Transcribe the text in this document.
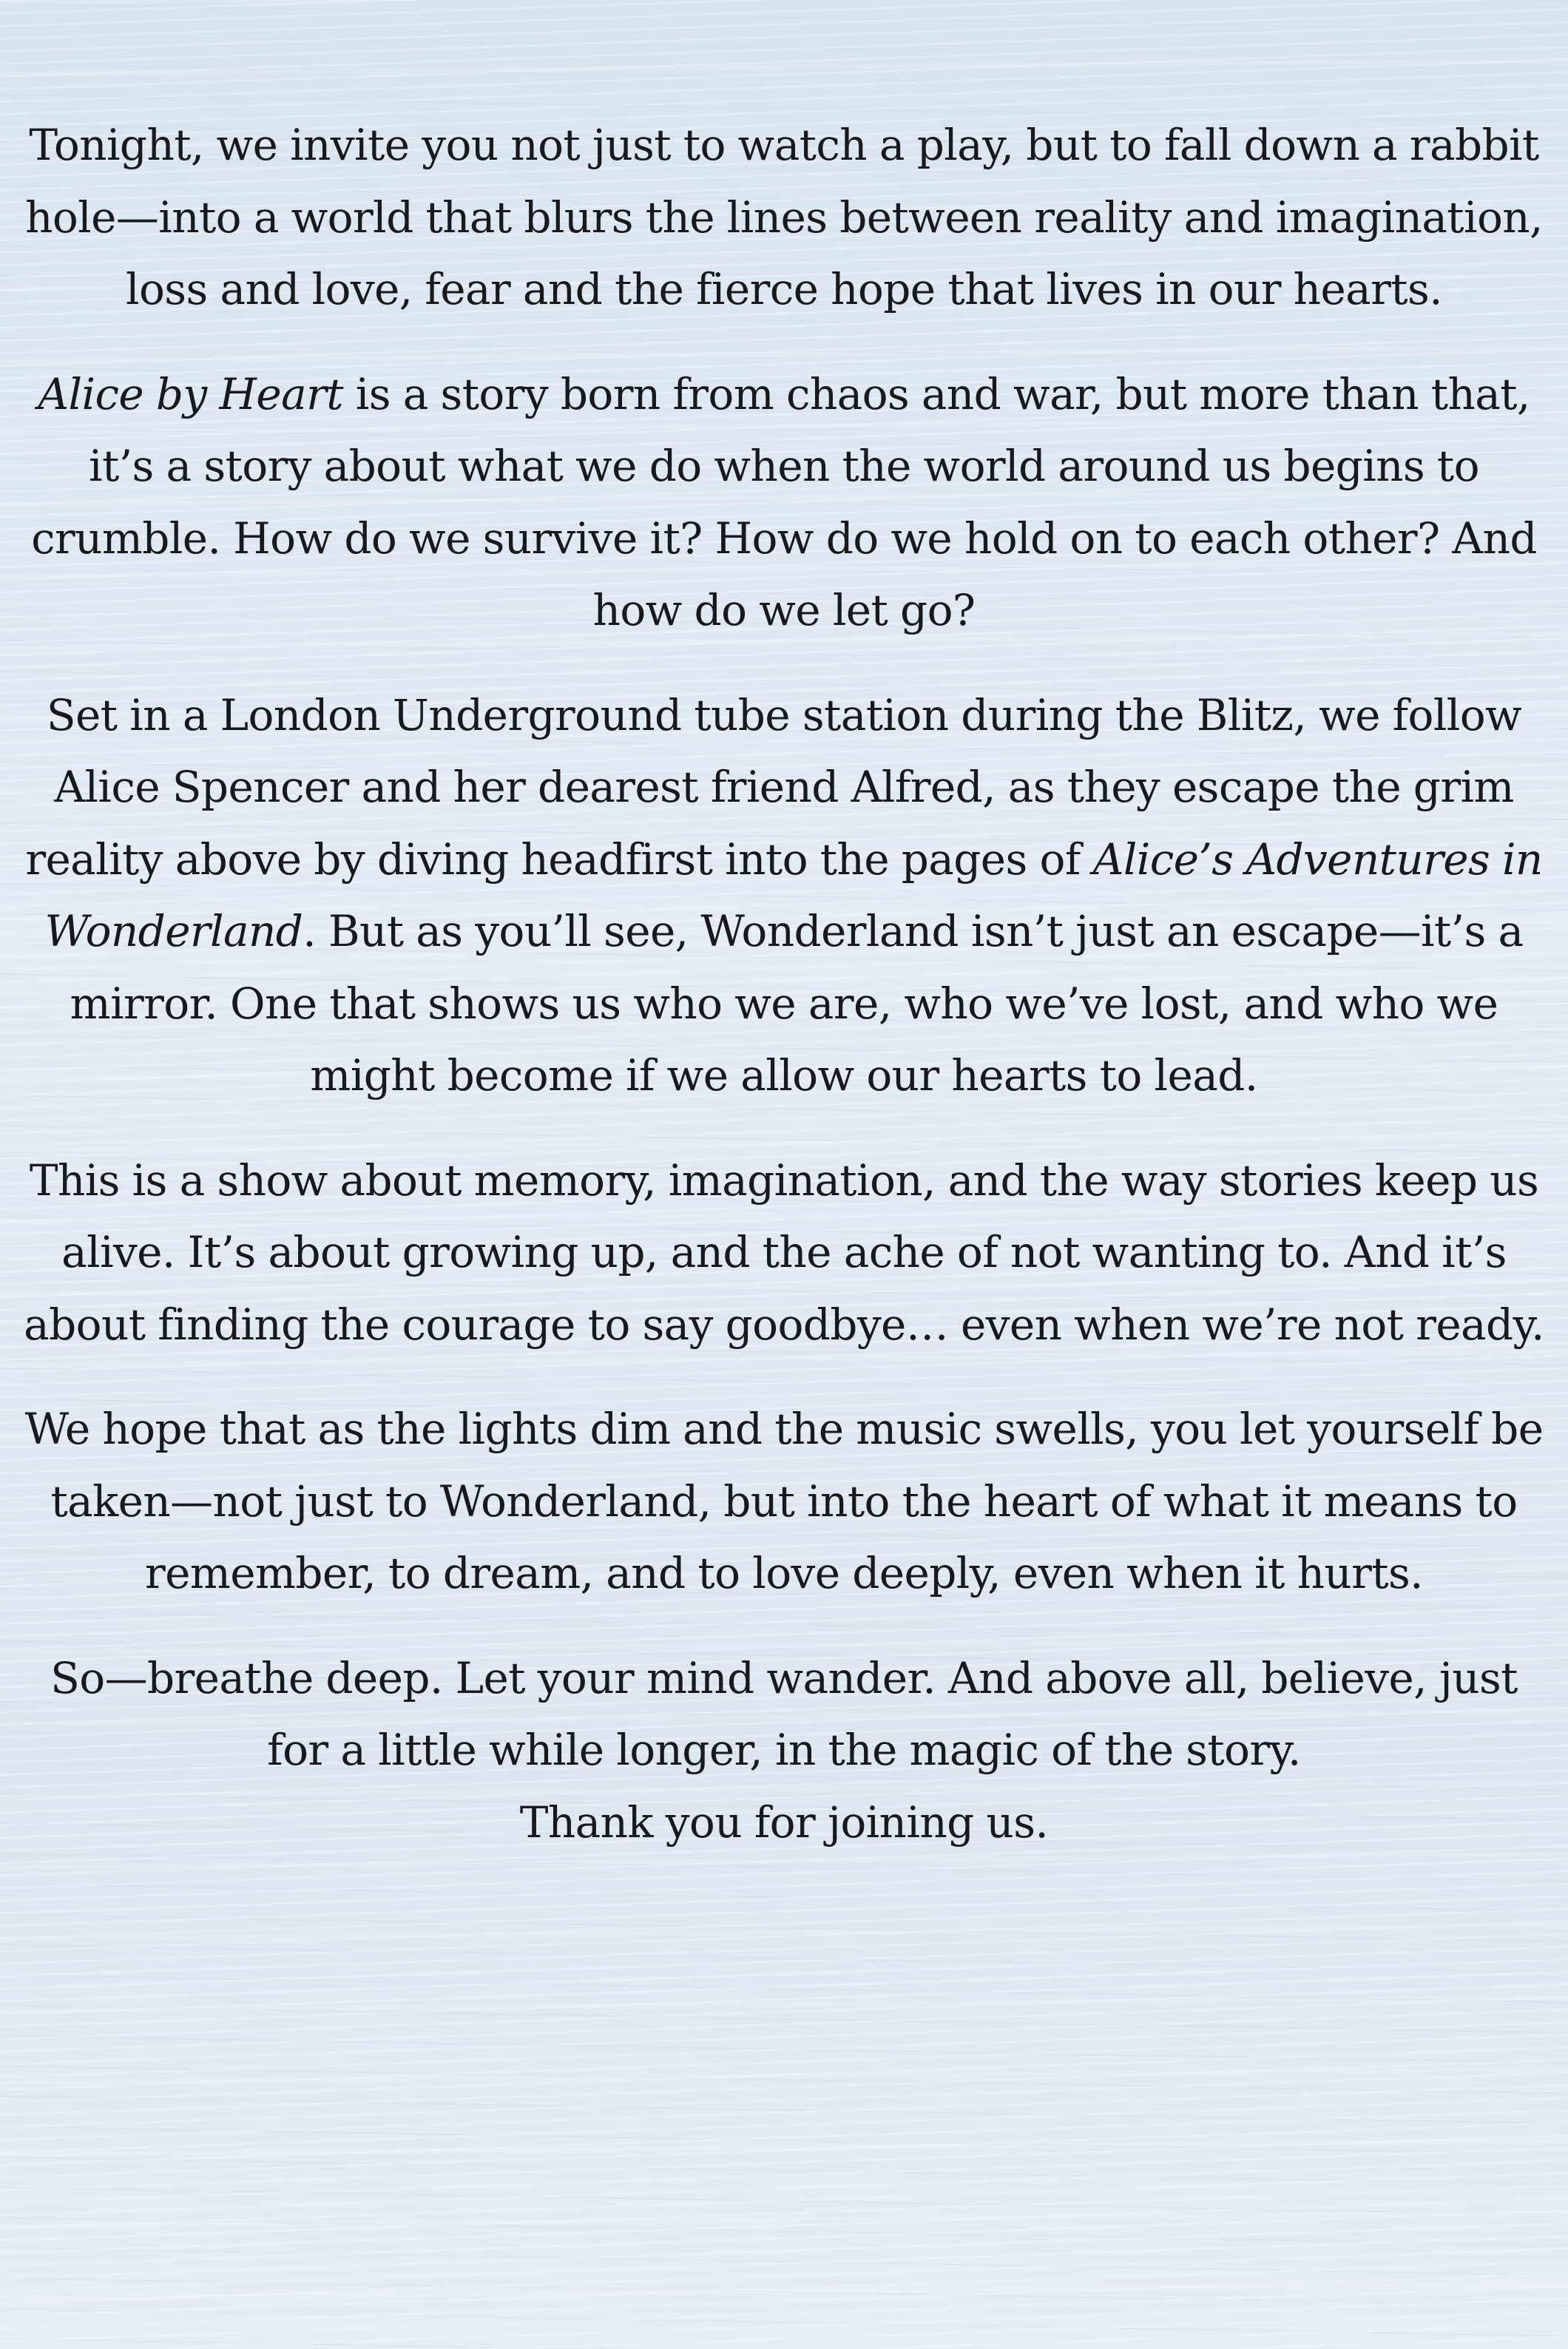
Tonight, we invite you not just to watch a play, but to fall down a rabbit hole—into a world that blurs the lines between reality and imagination, loss and love, fear and the fierce hope that lives in our hearts.

Alice by Heart is a story born from chaos and war, but more than that, it’s a story about what we do when the world around us begins to crumble. How do we survive it? How do we hold on to each other? And how do we let go?

Set in a London Underground tube station during the Blitz, we follow Alice Spencer and her dearest friend Alfred, as they escape the grim reality above by diving headfirst into the pages of Alice’s Adventures in Wonderland. But as you’ll see, Wonderland isn’t just an escape—it’s a mirror. One that shows us who we are, who we’ve lost, and who we might become if we allow our hearts to lead.

This is a show about memory, imagination, and the way stories keep us alive. It’s about growing up, and the ache of not wanting to. And it’s about finding the courage to say goodbye… even when we’re not ready.

We hope that as the lights dim and the music swells, you let yourself be taken—not just to Wonderland, but into the heart of what it means to remember, to dream, and to love deeply, even when it hurts.

So—breathe deep. Let your mind wander. And above all, believe, just for a little while longer, in the magic of the story.
Thank you for joining us.
